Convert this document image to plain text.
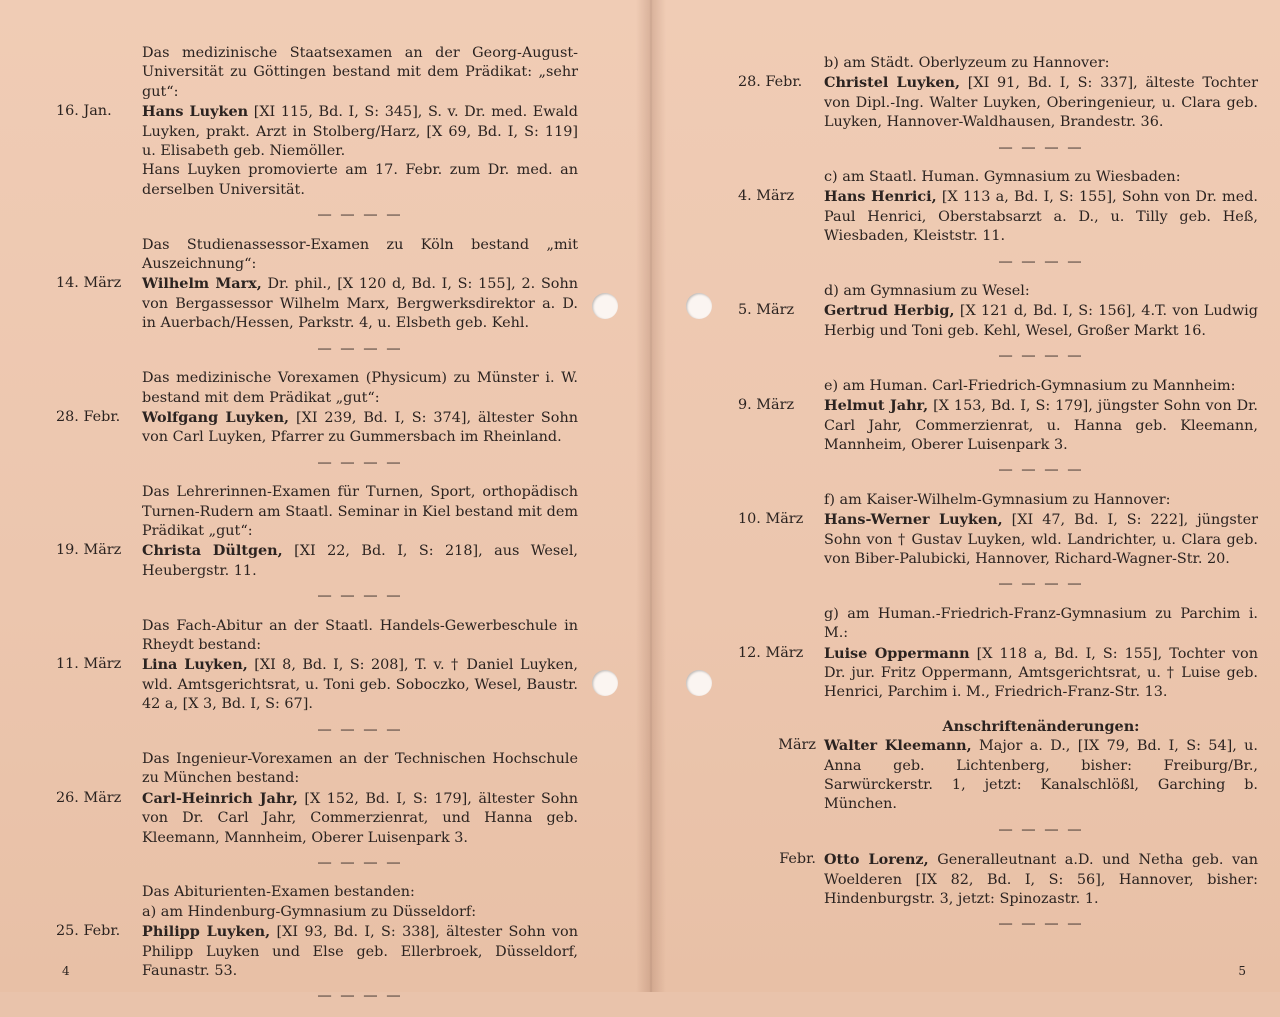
Das medizinische Staatsexamen an der Georg-August-Universität zu Göttingen bestand mit dem Prädikat: „sehr gut“:
16. Jan.	Hans Luyken [XI 115, Bd. I, S: 345], S. v. Dr. med. Ewald Luyken, prakt. Arzt in Stolberg/Harz, [X 69, Bd. I, S: 119] u. Elisabeth geb. Niemöller.
Hans Luyken promovierte am 17. Febr. zum Dr. med. an derselben Universität.
— — — —
Das Studienassessor-Examen zu Köln bestand „mit Auszeichnung“:
14. März	Wilhelm Marx, Dr. phil., [X 120 d, Bd. I, S: 155], 2. Sohn von Bergassessor Wilhelm Marx, Bergwerksdirektor a. D. in Auerbach/Hessen, Parkstr. 4, u. Elsbeth geb. Kehl.
— — — —
Das medizinische Vorexamen (Physicum) zu Münster i. W. bestand mit dem Prädikat „gut“:
28. Febr.	Wolfgang Luyken, [XI 239, Bd. I, S: 374], ältester Sohn von Carl Luyken, Pfarrer zu Gummersbach im Rheinland.
— — — —
Das Lehrerinnen-Examen für Turnen, Sport, orthopädisch Turnen-Rudern am Staatl. Seminar in Kiel bestand mit dem Prädikat „gut“:
19. März	Christa Dültgen, [XI 22, Bd. I, S: 218], aus Wesel, Heubergstr. 11.
— — — —
Das Fach-Abitur an der Staatl. Handels-Gewerbeschule in Rheydt bestand:
11. März	Lina Luyken, [XI 8, Bd. I, S: 208], T. v. † Daniel Luyken, wld. Amtsgerichtsrat, u. Toni geb. Soboczko, Wesel, Baustr. 42 a, [X 3, Bd. I, S: 67].
— — — —
Das Ingenieur-Vorexamen an der Technischen Hochschule zu München bestand:
26. März	Carl-Heinrich Jahr, [X 152, Bd. I, S: 179], ältester Sohn von Dr. Carl Jahr, Commerzienrat, und Hanna geb. Kleemann, Mannheim, Oberer Luisenpark 3.
— — — —
Das Abiturienten-Examen bestanden:
a) am Hindenburg-Gymnasium zu Düsseldorf:
25. Febr.	Philipp Luyken, [XI 93, Bd. I, S: 338], ältester Sohn von Philipp Luyken und Else geb. Ellerbroek, Düsseldorf, Faunastr. 53.
— — — —
4
b) am Städt. Oberlyzeum zu Hannover:
28. Febr.	Christel Luyken, [XI 91, Bd. I, S: 337], älteste Tochter von Dipl.-Ing. Walter Luyken, Oberingenieur, u. Clara geb. Luyken, Hannover-Waldhausen, Brandestr. 36.
— — — —
c) am Staatl. Human. Gymnasium zu Wiesbaden:
4. März	Hans Henrici, [X 113 a, Bd. I, S: 155], Sohn von Dr. med. Paul Henrici, Oberstabsarzt a. D., u. Tilly geb. Heß, Wiesbaden, Kleiststr. 11.
— — — —
d) am Gymnasium zu Wesel:
5. März	Gertrud Herbig, [X 121 d, Bd. I, S: 156], 4.T. von Ludwig Herbig und Toni geb. Kehl, Wesel, Großer Markt 16.
— — — —
e) am Human. Carl-Friedrich-Gymnasium zu Mannheim:
9. März	Helmut Jahr, [X 153, Bd. I, S: 179], jüngster Sohn von Dr. Carl Jahr, Commerzienrat, u. Hanna geb. Kleemann, Mannheim, Oberer Luisenpark 3.
— — — —
f) am Kaiser-Wilhelm-Gymnasium zu Hannover:
10. März	Hans-Werner Luyken, [XI 47, Bd. I, S: 222], jüngster Sohn von † Gustav Luyken, wld. Landrichter, u. Clara geb. von Biber-Palubicki, Hannover, Richard-Wagner-Str. 20.
— — — —
g) am Human.-Friedrich-Franz-Gymnasium zu Parchim i. M.:
12. März	Luise Oppermann [X 118 a, Bd. I, S: 155], Tochter von Dr. jur. Fritz Oppermann, Amtsgerichtsrat, u. † Luise geb. Henrici, Parchim i. M., Friedrich-Franz-Str. 13.
Anschriftenänderungen:
März Walter Kleemann, Major a. D., [IX 79, Bd. I, S: 54], u. Anna geb. Lichtenberg, bisher: Freiburg/Br., Sarwürckerstr. 1, jetzt: Kanalschlößl, Garching b. München.
— — — —
Febr. Otto Lorenz, Generalleutnant a.D. und Netha geb. van Woelderen [IX 82, Bd. I, S: 56], Hannover, bisher: Hindenburgstr. 3, jetzt: Spinozastr. 1.
— — — —
5
